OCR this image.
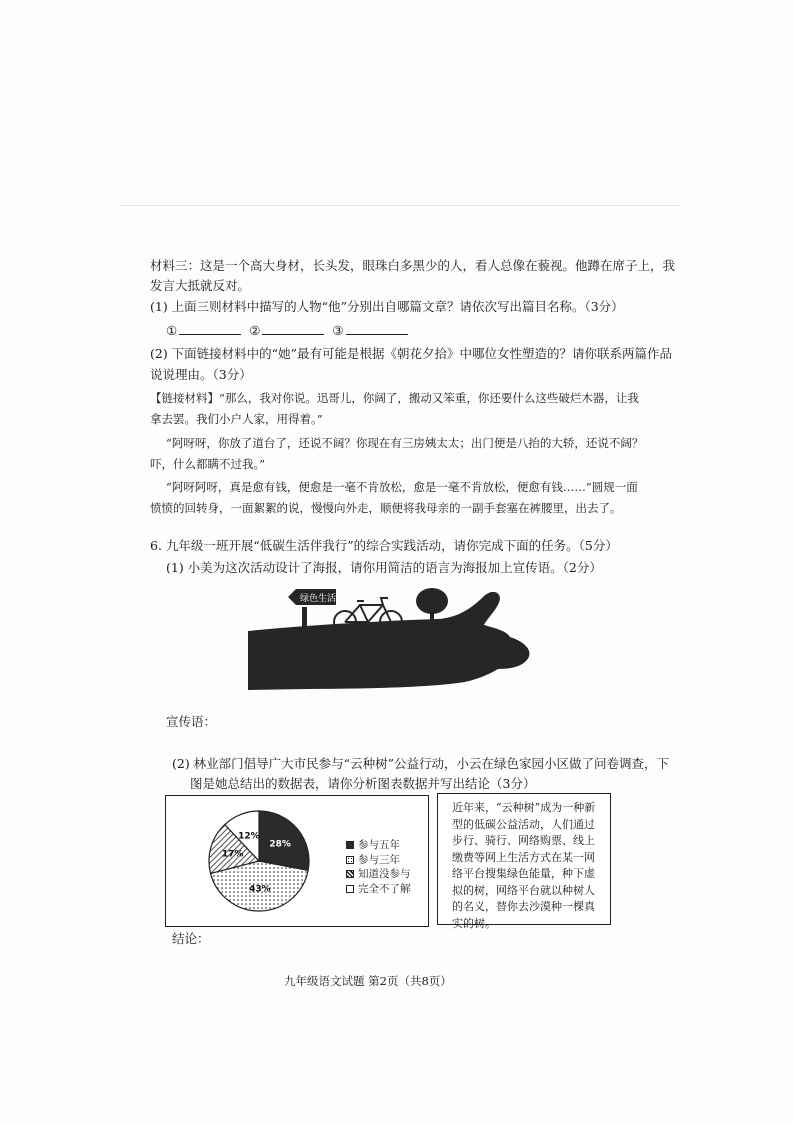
材料三：这是一个高大身材，长头发，眼珠白多黑少的人，看人总像在藐视。他蹲在席子上，我
发言大抵就反对。
(1) 上面三则材料中描写的人物“他”分别出自哪篇文章？请依次写出篇目名称。（3分）
①	②	③
(2) 下面链接材料中的“她”最有可能是根据《朝花夕拾》中哪位女性塑造的？请你联系两篇作品
说说理由。（3分）
【链接材料】“那么，我对你说。迅哥儿，你阔了，搬动又笨重，你还要什么这些破烂木器，让我
拿去罢。我们小户人家，用得着。”
“阿呀呀，你放了道台了，还说不阔？你现在有三房姨太太；出门便是八抬的大轿，还说不阔？
吓，什么都瞒不过我。”
“阿呀阿呀，真是愈有钱，便愈是一毫不肯放松，愈是一毫不肯放松，便愈有钱……”圆规一面
愤愤的回转身，一面絮絮的说，慢慢向外走，顺便将我母亲的一副手套塞在裤腰里，出去了。
6. 九年级一班开展“低碳生活伴我行”的综合实践活动，请你完成下面的任务。（5分）
(1) 小美为这次活动设计了海报，请你用简洁的语言为海报加上宣传语。（2分）
绿色生活
宣传语：
(2) 林业部门倡导广大市民参与“云种树”公益行动，小云在绿色家园小区做了问卷调查，下
图是她总结出的数据表，请你分析图表数据并写出结论（3分）
28%
43%
17%
12%
参与五年
参与三年
知道没参与
完全不了解

近年来，“云种树”成为一种新型的低碳公益活动，人们通过步行、骑行、网络购票、线上缴费等网上生活方式在某一网络平台搜集绿色能量，种下虚拟的树，网络平台就以种树人的名义，替你去沙漠种一棵真实的树。

结论：
九年级语文试题 第2页（共8页）
